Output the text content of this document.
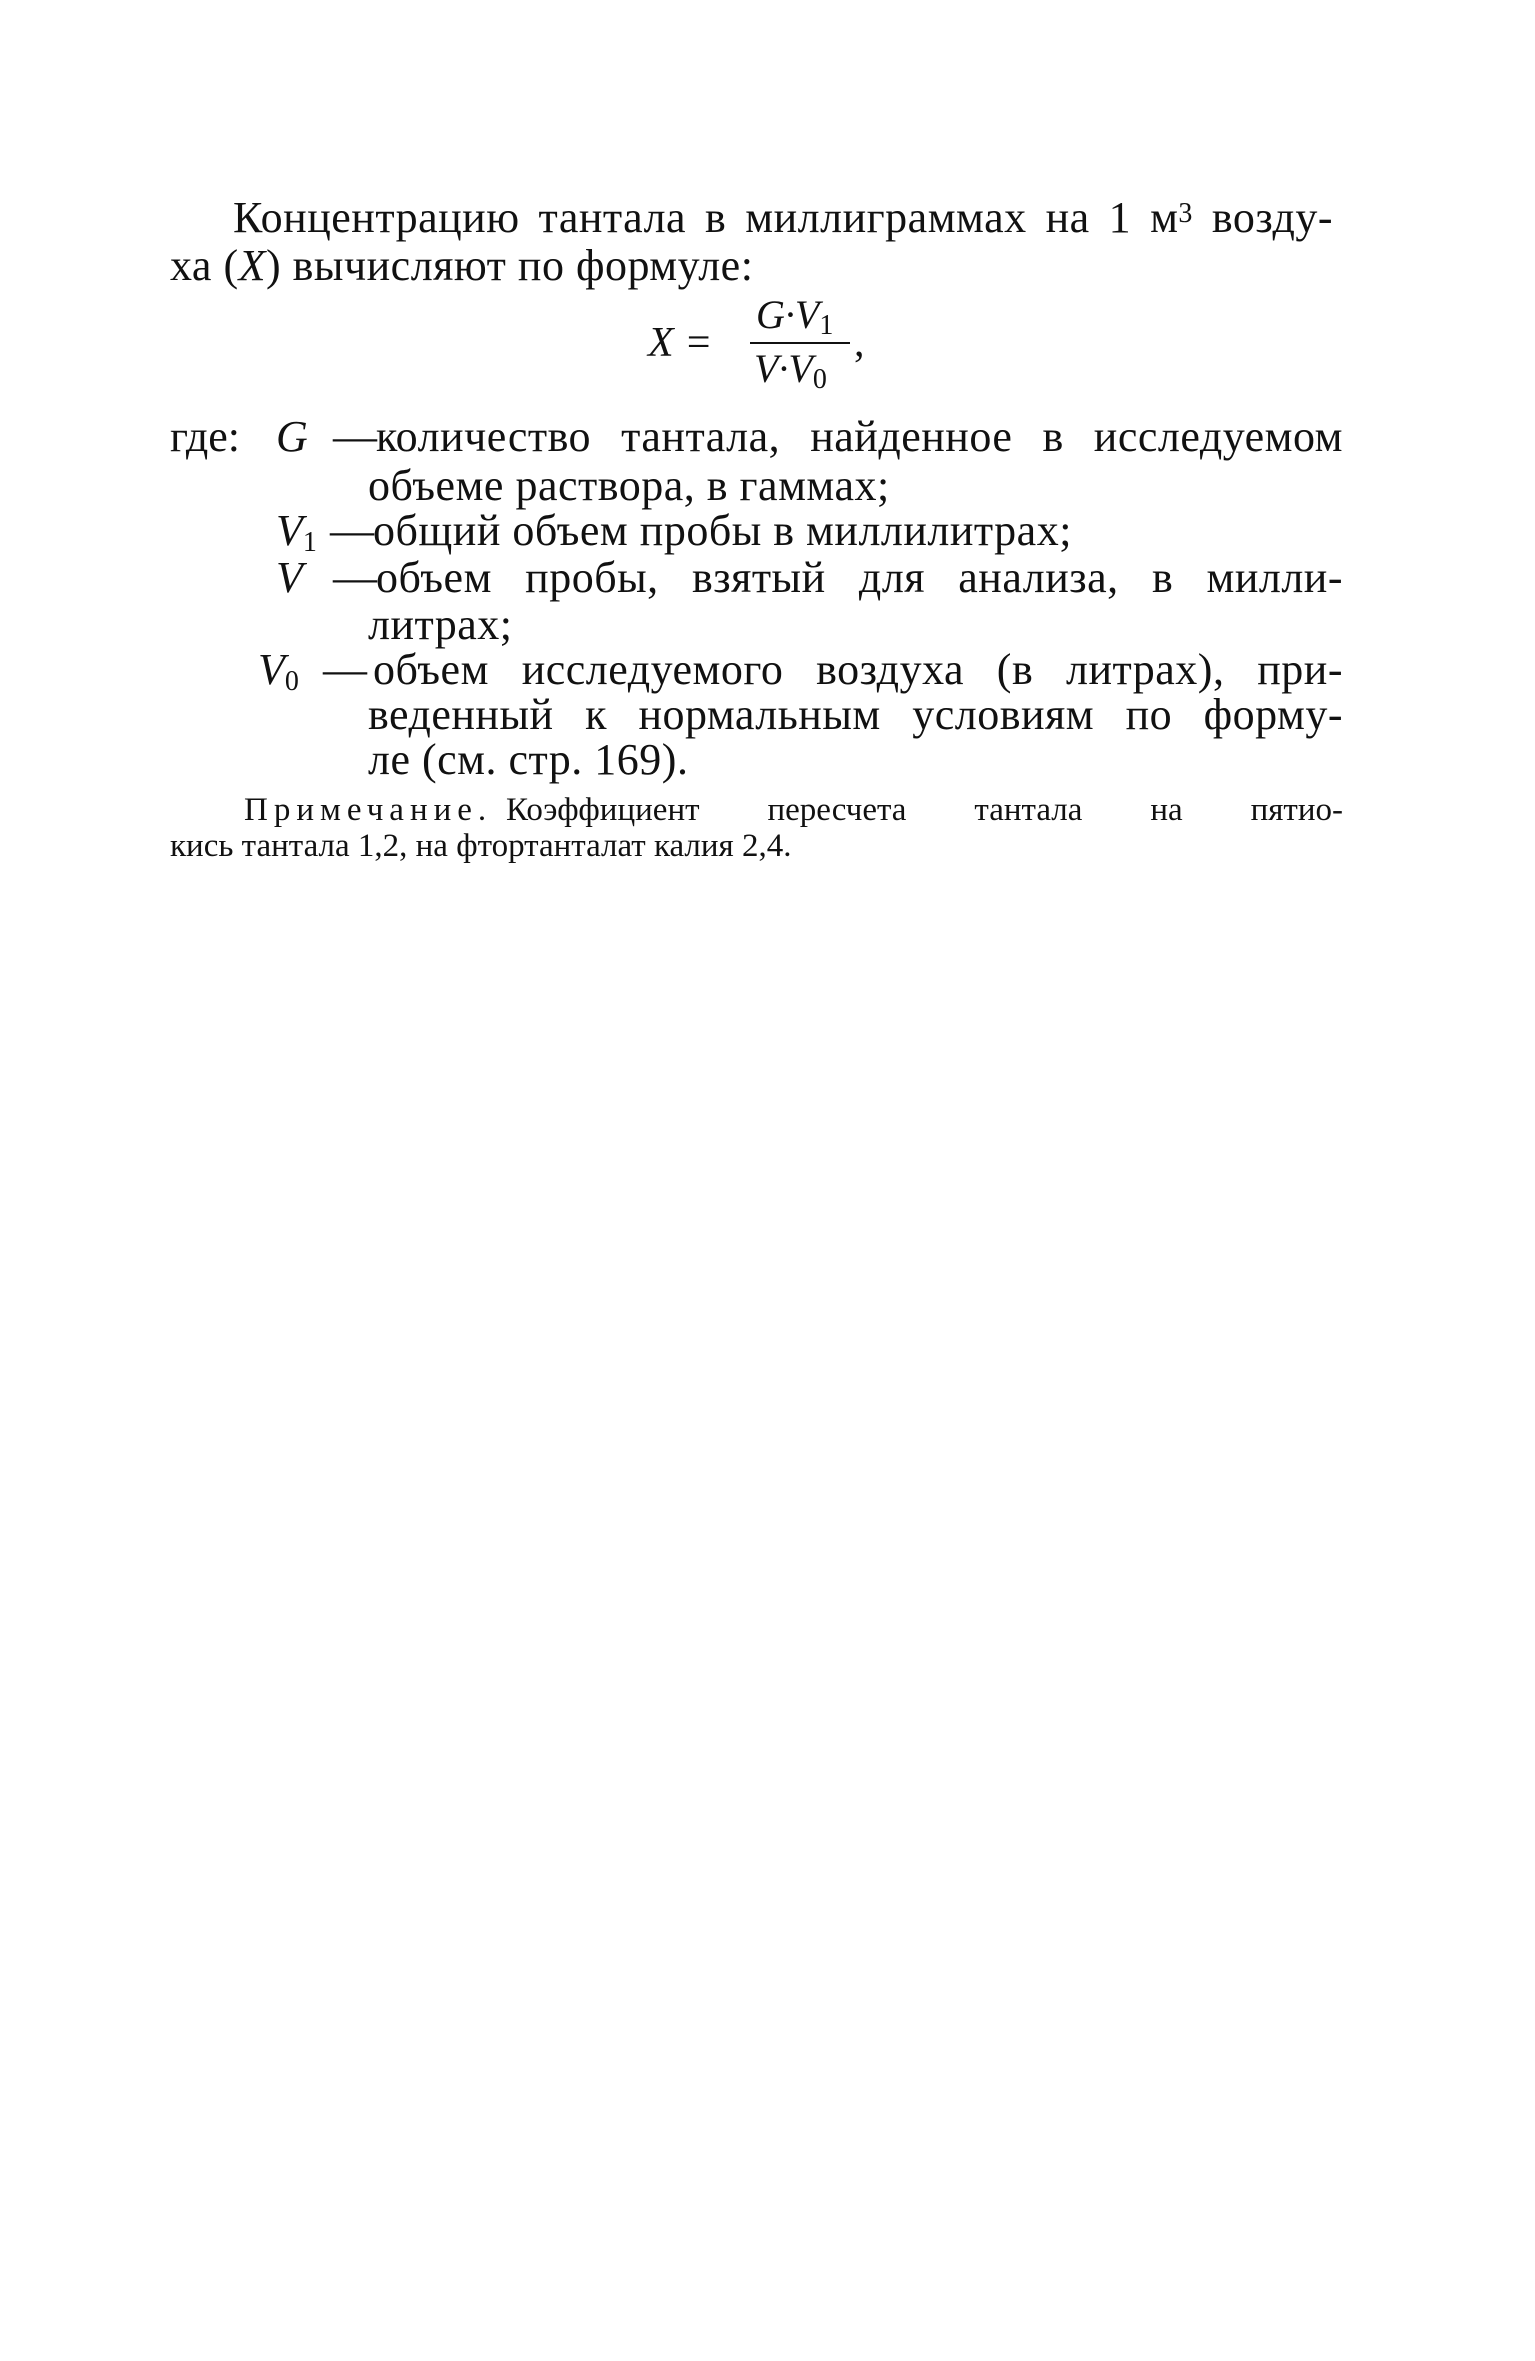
Концентрацию тантала в миллиграммах на 1 $м^3$ возду-
ха (X) вычисляют по формуле:
X =
$G\cdot V_1$
$V\cdot V_0$
,
где: G — количество тантала, найденное в исследуемом
объеме раствора, в гаммах;
$V_1$ — общий объем пробы в миллилитрах;
V — объем пробы, взятый для анализа, в милли-
литрах;
$V_0$ — объем исследуемого воздуха (в литрах), при-
веденный к нормальным условиям по форму-
ле (см. стр. 169).
Примечание. Коэффициент пересчета тантала на пятио-
кись тантала 1,2, на фтортанталат калия 2,4.
